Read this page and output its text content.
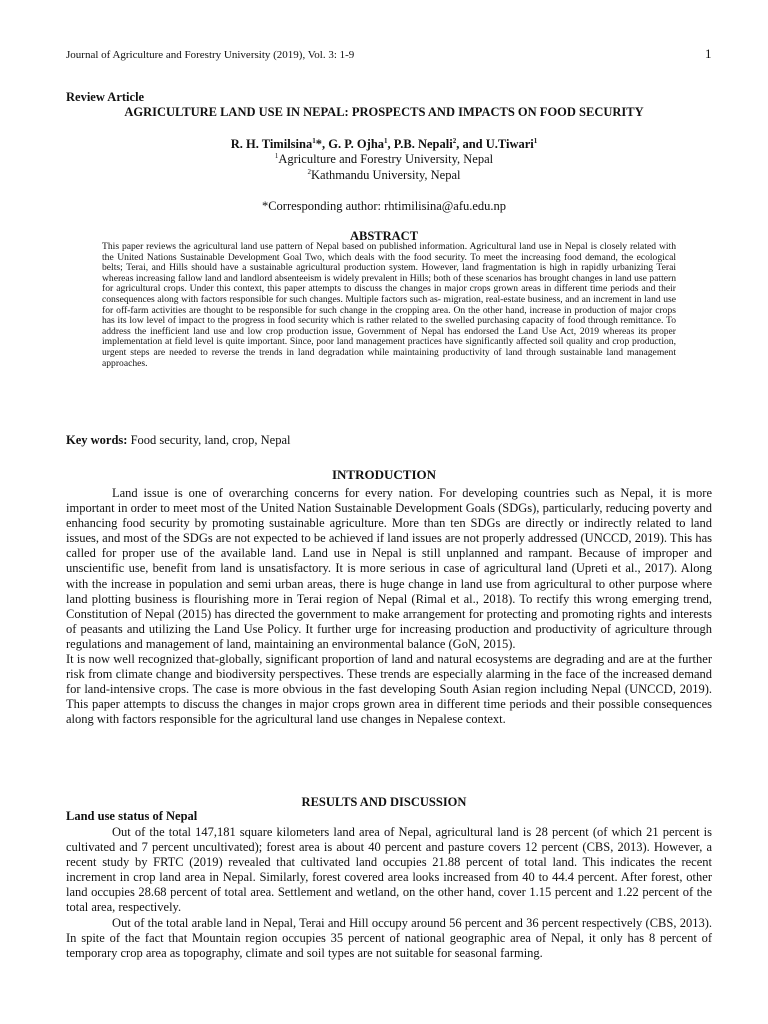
Journal of Agriculture and Forestry University (2019), Vol. 3: 1-9	1
Review Article
AGRICULTURE LAND USE IN NEPAL: PROSPECTS AND IMPACTS ON FOOD SECURITY
R. H. Timilsina$^1$*, G. P. Ojha$^1$, P.B. Nepali$^2$, and U.Tiwari$^1$
$^1$Agriculture and Forestry University, Nepal
$^2$Kathmandu University, Nepal
*Corresponding author: rhtimilisina@afu.edu.np
ABSTRACT
This paper reviews the agricultural land use pattern of Nepal based on published information. Agricultural land use in Nepal is closely related with the United Nations Sustainable Development Goal Two, which deals with the food security. To meet the increasing food demand, the ecological belts; Terai, and Hills should have a sustainable agricultural production system. However, land fragmentation is high in rapidly urbanizing Terai whereas increasing fallow land and landlord absenteeism is widely prevalent in Hills; both of these scenarios has brought changes in land use pattern for agricultural crops. Under this context, this paper attempts to discuss the changes in major crops grown areas in different time periods and their consequences along with factors responsible for such changes. Multiple factors such as- migration, real-estate business, and an increment in land use for off-farm activities are thought to be responsible for such change in the cropping area. On the other hand, increase in production of major crops has its low level of impact to the progress in food security which is rather related to the swelled purchasing capacity of food through remittance. To address the inefficient land use and low crop production issue, Government of Nepal has endorsed the Land Use Act, 2019 whereas its proper implementation at field level is quite important. Since, poor land management practices have significantly affected soil quality and crop production, urgent steps are needed to reverse the trends in land degradation while maintaining productivity of land through sustainable land management approaches.
Key words: Food security, land, crop, Nepal
INTRODUCTION

Land issue is one of overarching concerns for every nation. For developing countries such as Nepal, it is more important in order to meet most of the United Nation Sustainable Development Goals (SDGs), particularly, reducing poverty and enhancing food security by promoting sustainable agriculture. More than ten SDGs are directly or indirectly related to land issues, and most of the SDGs are not expected to be achieved if land issues are not properly addressed (UNCCD, 2019). This has called for proper use of the available land. Land use in Nepal is still unplanned and rampant. Because of improper and unscientific use, benefit from land is unsatisfactory. It is more serious in case of agricultural land (Upreti et al., 2017). Along with the increase in population and semi urban areas, there is huge change in land use from agricultural to other purpose where land plotting business is flourishing more in Terai region of Nepal (Rimal et al., 2018). To rectify this wrong emerging trend, Constitution of Nepal (2015) has directed the government to make arrangement for protecting and promoting rights and interests of peasants and utilizing the Land Use Policy. It further urge for increasing production and productivity of agriculture through regulations and management of land, maintaining an environmental balance (GoN, 2015).

It is now well recognized that-globally, significant proportion of land and natural ecosystems are degrading and are at the further risk from climate change and biodiversity perspectives. These trends are especially alarming in the face of the increased demand for land-intensive crops. The case is more obvious in the fast developing South Asian region including Nepal (UNCCD, 2019). This paper attempts to discuss the changes in major crops grown area in different time periods and their possible consequences along with factors responsible for the agricultural land use changes in Nepalese context.

RESULTS AND DISCUSSION
Land use status of Nepal

Out of the total 147,181 square kilometers land area of Nepal, agricultural land is 28 percent (of which 21 percent is cultivated and 7 percent uncultivated); forest area is about 40 percent and pasture covers 12 percent (CBS, 2013). However, a recent study by FRTC (2019) revealed that cultivated land occupies 21.88 percent of total land. This indicates the recent increment in crop land area in Nepal. Similarly, forest covered area looks increased from 40 to 44.4 percent. After forest, other land occupies 28.68 percent of total area. Settlement and wetland, on the other hand, cover 1.15 percent and 1.22 percent of the total area, respectively.

Out of the total arable land in Nepal, Terai and Hill occupy around 56 percent and 36 percent respectively (CBS, 2013). In spite of the fact that Mountain region occupies 35 percent of national geographic area of Nepal, it only has 8 percent of temporary crop area as topography, climate and soil types are not suitable for seasonal farming.
